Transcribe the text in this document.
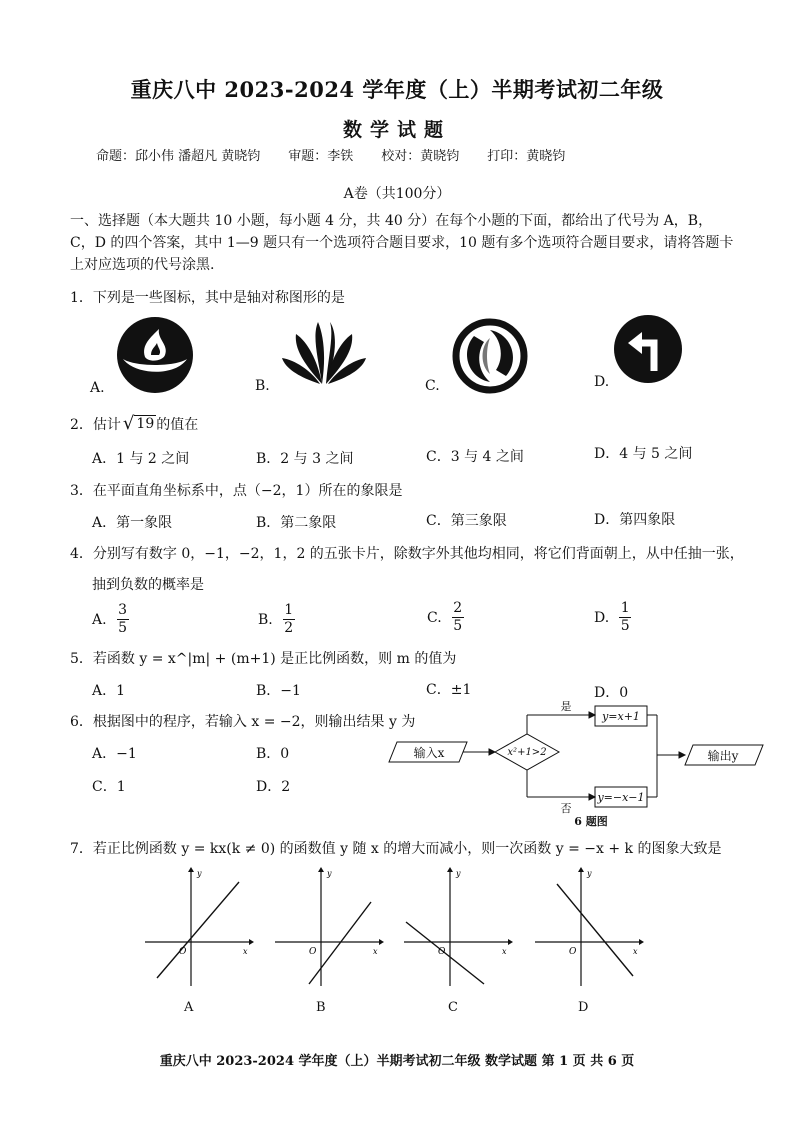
重庆八中 2023-2024 学年度（上）半期考试初二年级
数学试题
命题：邱小伟 潘超凡 黄晓钧 审题：李铁 校对：黄晓钧 打印：黄晓钧
A卷（共100分）
一、选择题（本大题共 10 小题，每小题 4 分，共 40 分）在每个小题的下面，都给出了代号为 A，B，C，D 的四个答案，其中 1—9 题只有一个选项符合题目要求，10 题有多个选项符合题目要求，请将答题卡上对应选项的代号涂黑.
1．下列是一些图标，其中是轴对称图形的是
A.	B.	C.	D.
2．估计 √ 19 的值在
A．1 与 2 之间	B．2 与 3 之间	C．3 与 4 之间	D．4 与 5 之间
3．在平面直角坐标系中，点（−2，1）所在的象限是
A．第一象限	B．第二象限	C．第三象限	D．第四象限
4．分别写有数字 0，−1，−2，1，2 的五张卡片，除数字外其他均相同，将它们背面朝上，从中任抽一张，
抽到负数的概率是
A. $\frac{3}{5}$	B. $\frac{1}{2}$	C. $\frac{2}{5}$	D. $\frac{1}{5}$
5．若函数 y = x^|m| + (m+1) 是正比例函数，则 m 的值为
A．1	B．−1	C．±1	D．0
6．根据图中的程序，若输入 x = −2，则输出结果 y 为
A．−1	B．0
C．1	D．2
输入x	x²+1>2
是
否
y=x+1
y=−x−1
输出y
6 题图
7．若正比例函数 y = kx(k ≠ 0) 的函数值 y 随 x 的增大而减小，则一次函数 y = −x + k 的图象大致是
O	x
y
O	x
y
O	x
y
O	x
y
A	B	C	D
重庆八中 2023-2024 学年度（上）半期考试初二年级 数学试题 第 1 页 共 6 页
